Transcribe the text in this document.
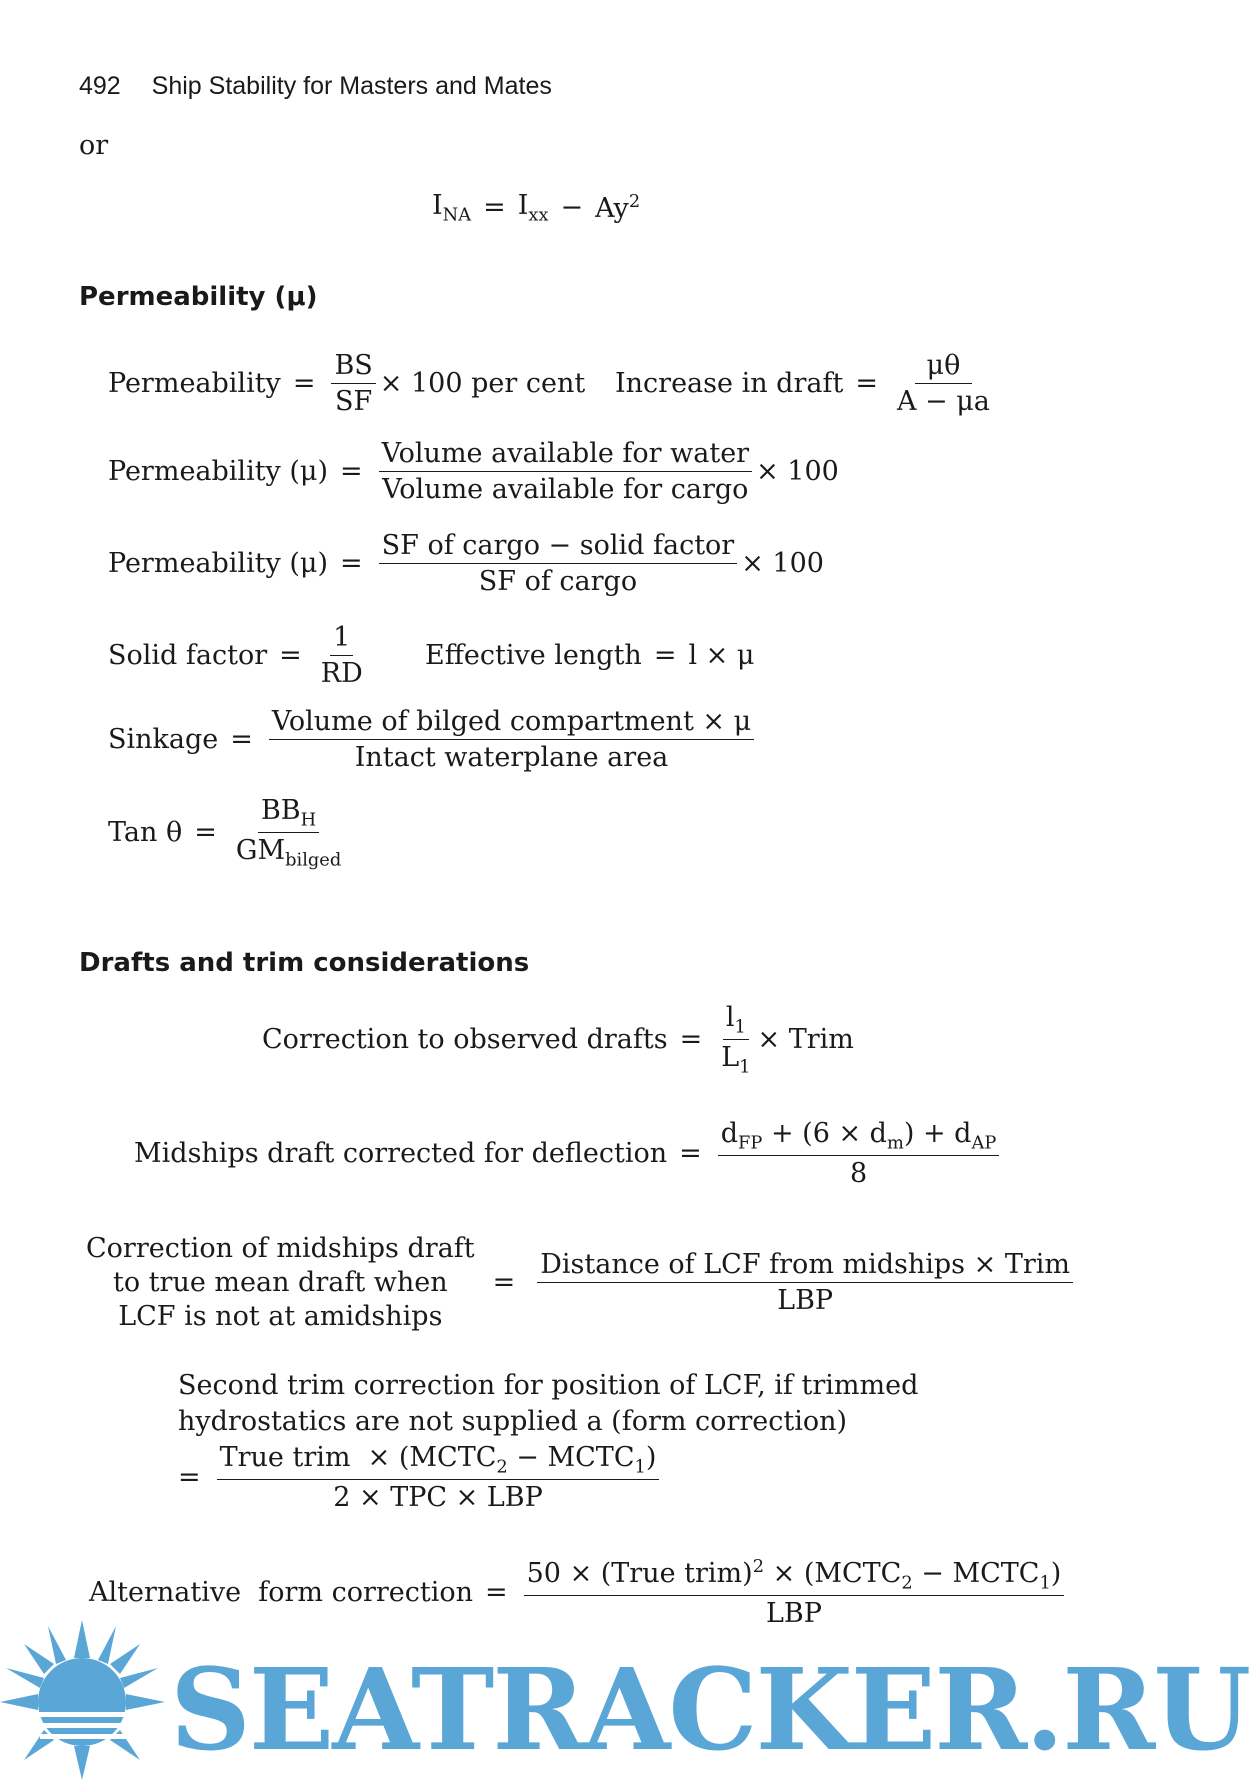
492 Ship Stability for Masters and Mates
or
$I_{NA} = I_{xx} - Ay^2$
Permeability (μ)
Permeability = $\frac{BS}{SF} \times 100$ per cent Increase in draft = $\frac{\mu\theta}{A - \mu a}$
Permeability $(\mu) = \frac{\text{Volume available for water}}{\text{Volume available for cargo}} \times 100$
Permeability $(\mu) = \frac{\text{SF of cargo − solid factor}}{\text{SF of cargo}} \times 100$
Solid factor = $\frac{1}{RD}$ Effective length = l × μ
Sinkage = $\frac{\text{Volume of bilged compartment × μ}}{\text{Intact waterplane area}}$
Tan $\theta = \frac{BB_H}{GM_{bilged}}$
Drafts and trim considerations
Correction to observed drafts = $\frac{l_1}{L_1}$ × Trim
Midships draft corrected for deflection = $\frac{d_{FP} + (6 \times d_m) + d_{AP}}{8}$
Correction of midships draft
to true mean draft when
LCF is not at amidships
= $\frac{\text{Distance of LCF from midships × Trim}}{\text{LBP}}$
Second trim correction for position of LCF, if trimmed
hydrostatics are not supplied a (form correction)
= $\frac{True trim \times (MCTC_2 - MCTC_1)}{\text{2 × TPC × LBP}}$
Alternative  form correction = $\frac{50 \times (True trim)^2 \times (MCTC_2 - MCTC_1)}{\text{LBP}}$
SEATRACKER.RU
